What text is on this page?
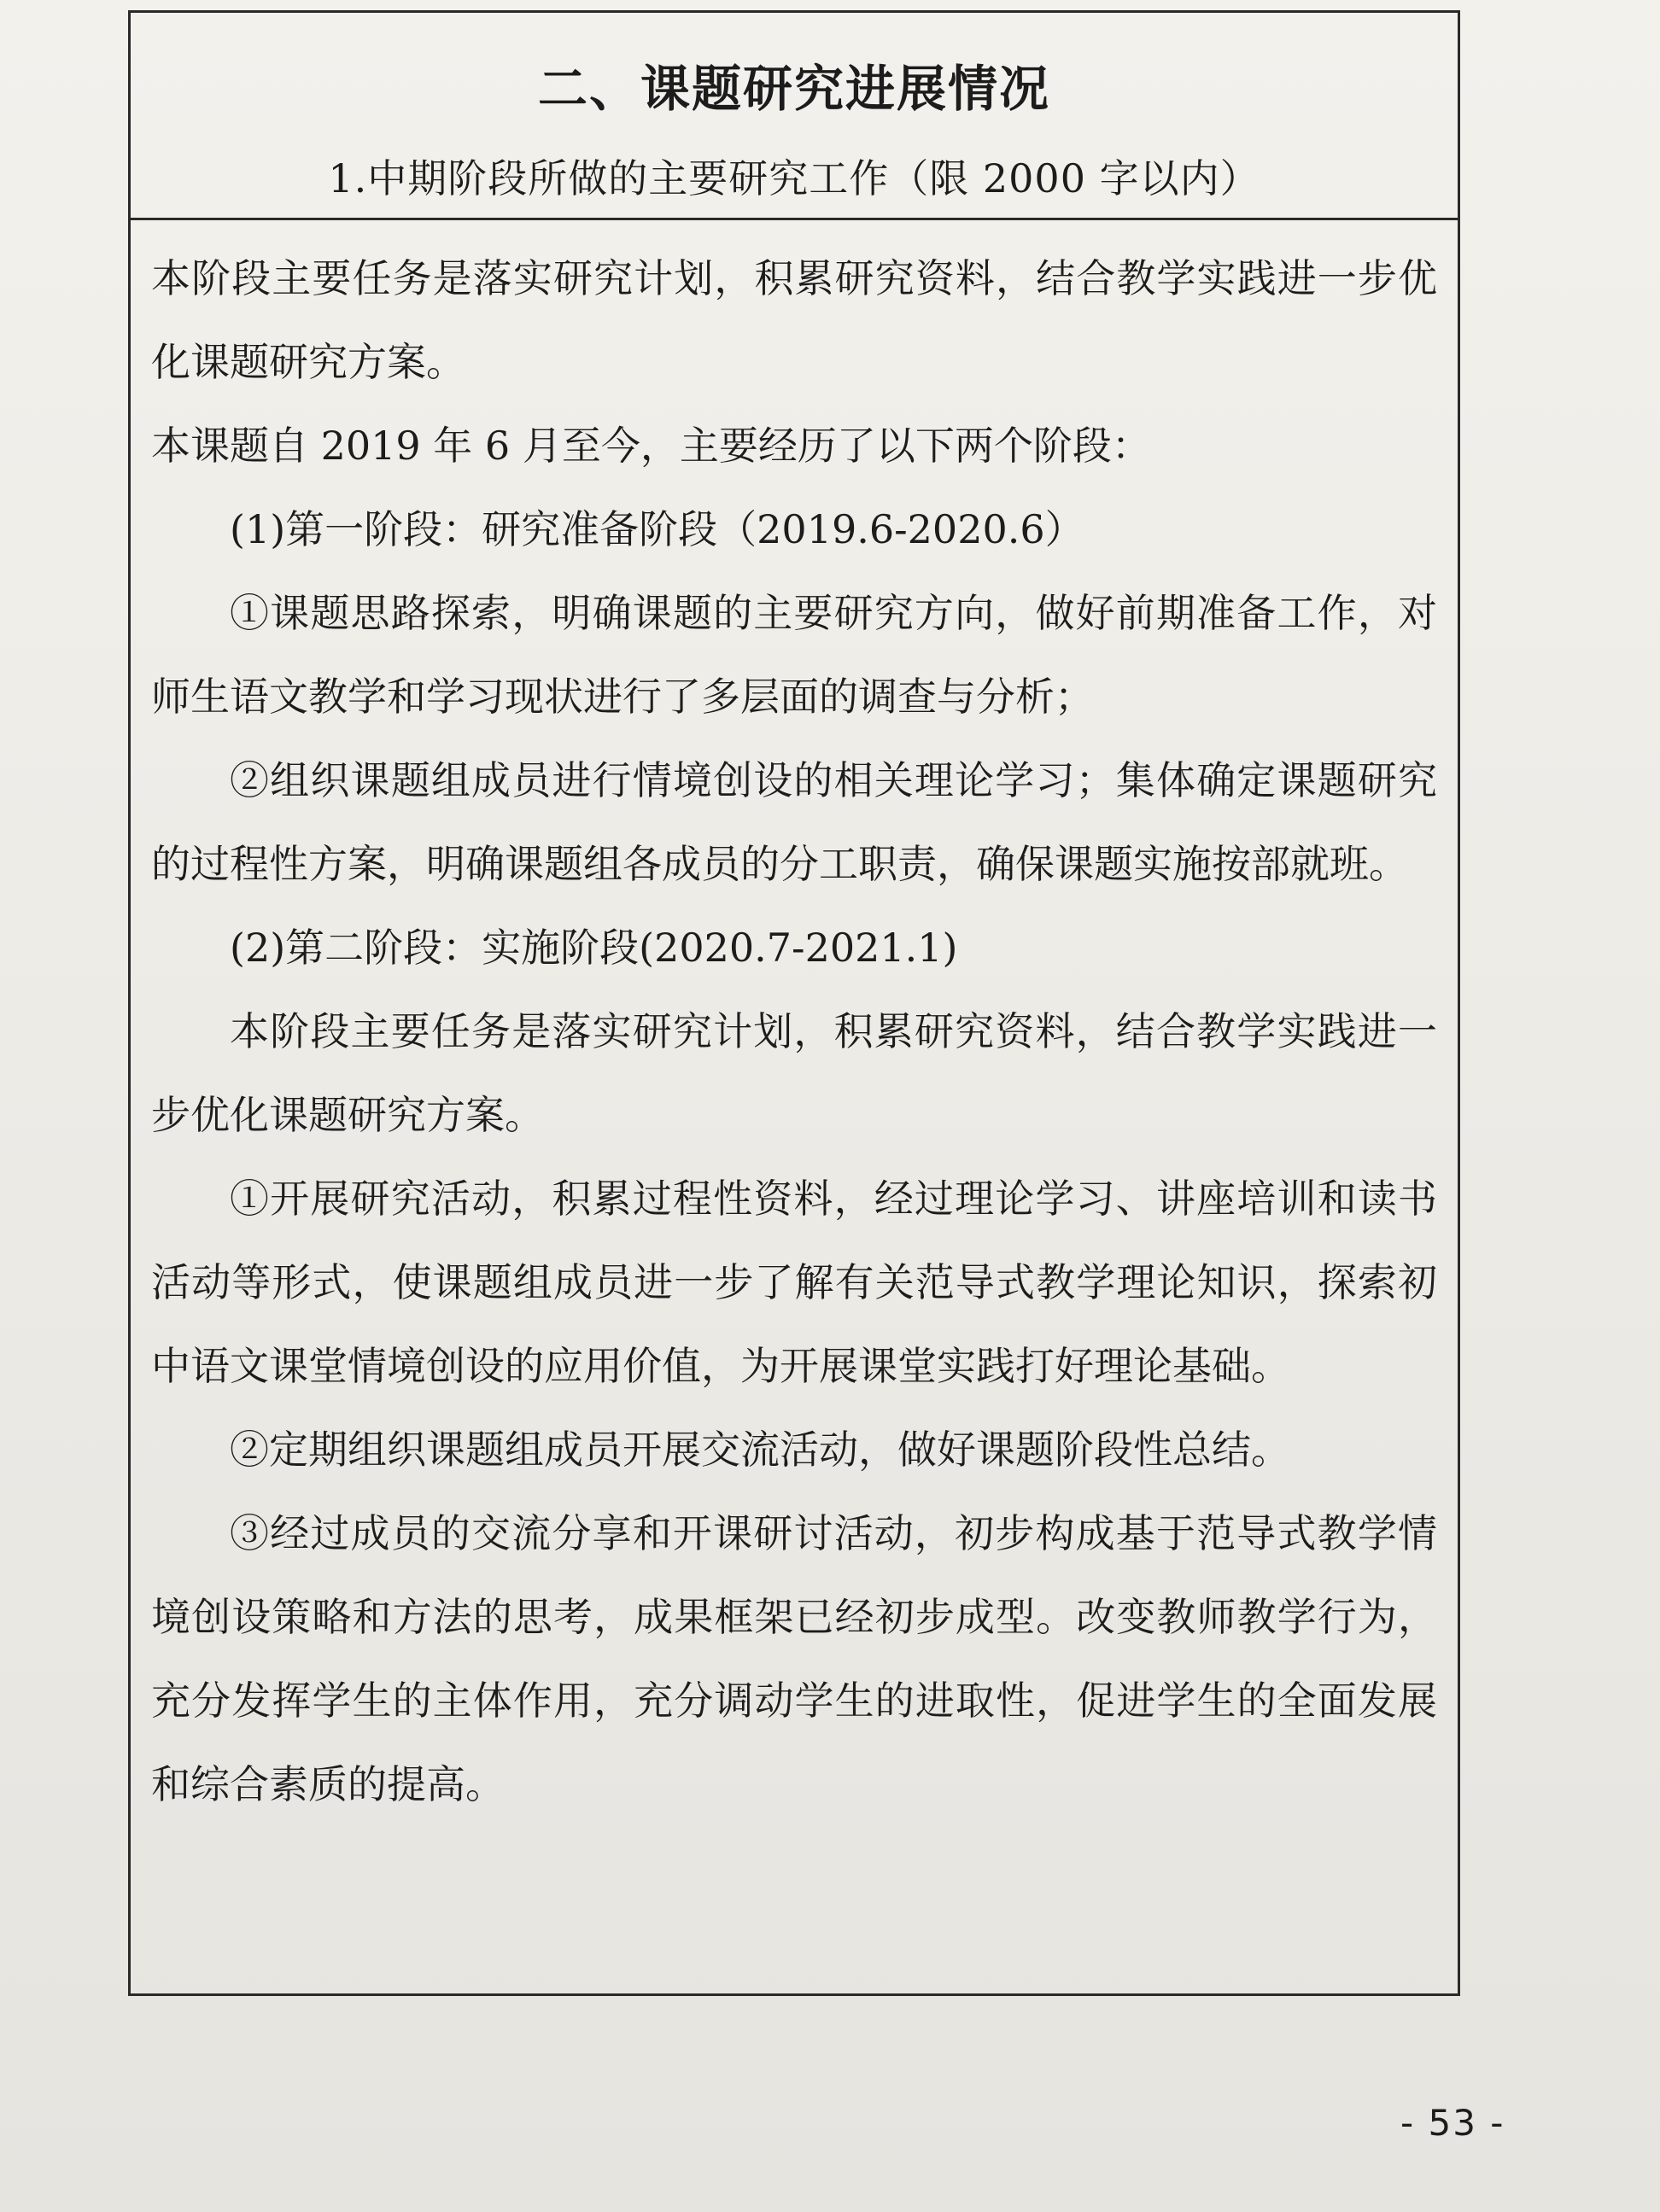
二、课题研究进展情况
1.中期阶段所做的主要研究工作（限 2000 字以内）

本阶段主要任务是落实研究计划，积累研究资料，结合教学实践进一步优化课题研究方案。

本课题自 2019 年 6 月至今，主要经历了以下两个阶段：

(1)第一阶段：研究准备阶段（2019.6-2020.6）

①课题思路探索，明确课题的主要研究方向，做好前期准备工作，对师生语文教学和学习现状进行了多层面的调查与分析；

②组织课题组成员进行情境创设的相关理论学习；集体确定课题研究的过程性方案，明确课题组各成员的分工职责，确保课题实施按部就班。

(2)第二阶段：实施阶段(2020.7-2021.1)

本阶段主要任务是落实研究计划，积累研究资料，结合教学实践进一步优化课题研究方案。

①开展研究活动，积累过程性资料，经过理论学习、讲座培训和读书活动等形式，使课题组成员进一步了解有关范导式教学理论知识，探索初中语文课堂情境创设的应用价值，为开展课堂实践打好理论基础。

②定期组织课题组成员开展交流活动，做好课题阶段性总结。

③经过成员的交流分享和开课研讨活动，初步构成基于范导式教学情境创设策略和方法的思考，成果框架已经初步成型。改变教师教学行为，充分发挥学生的主体作用，充分调动学生的进取性，促进学生的全面发展和综合素质的提高。

- 53 -
